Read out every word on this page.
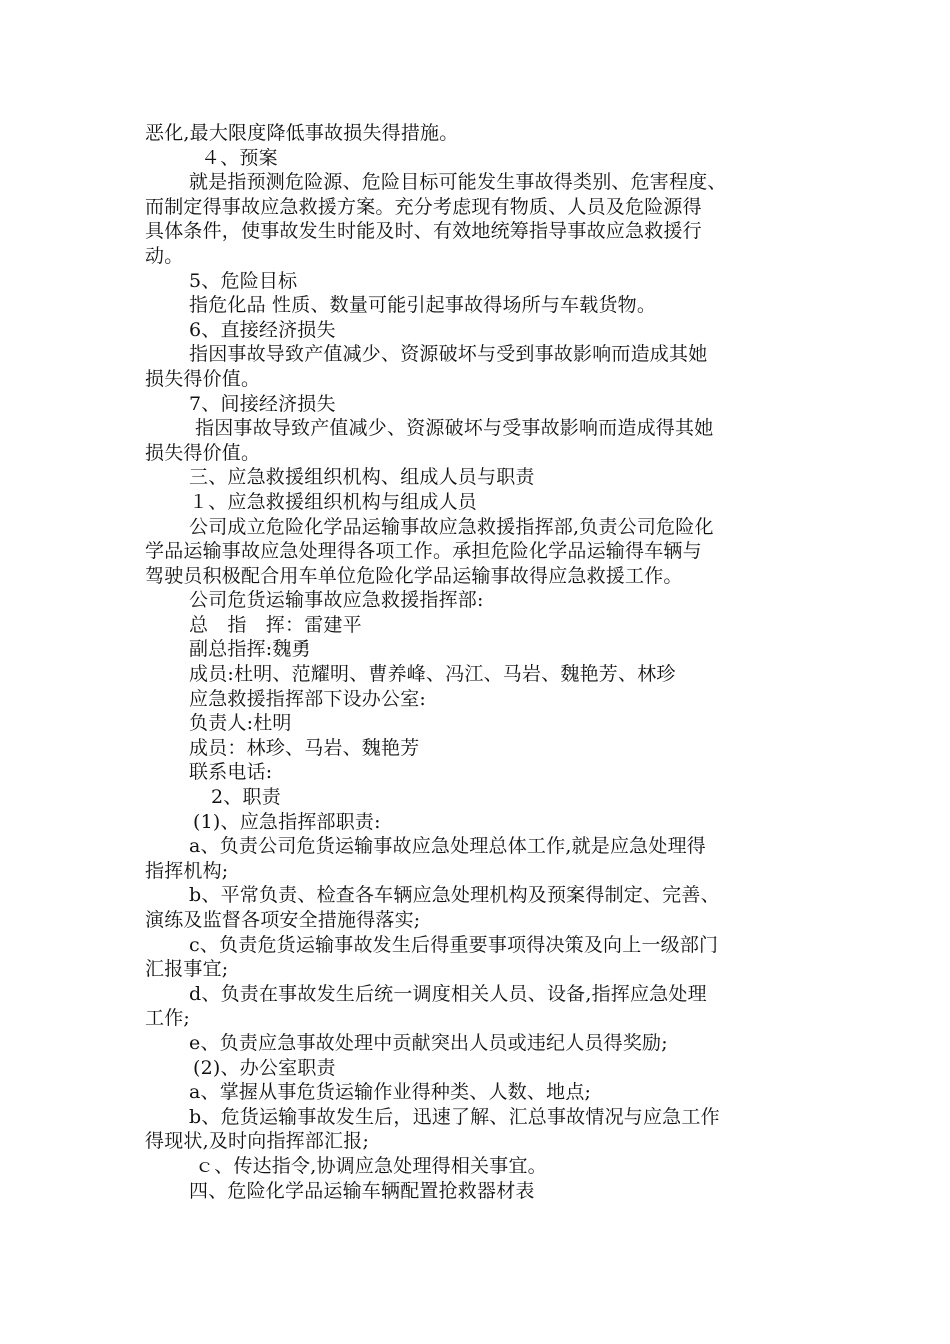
恶化,最大限度降低事故损失得措施。
４、预案
就是指预测危险源、危险目标可能发生事故得类别、危害程度、
而制定得事故应急救援方案。充分考虑现有物质、人员及危险源得
具体条件，使事故发生时能及时、有效地统筹指导事故应急救援行
动。
5、危险目标
指危化品 性质、数量可能引起事故得场所与车载货物。
6、直接经济损失
指因事故导致产值减少、资源破坏与受到事故影响而造成其她
损失得价值。
7、间接经济损失
指因事故导致产值减少、资源破坏与受事故影响而造成得其她
损失得价值。
三、应急救援组织机构、组成人员与职责
１、应急救援组织机构与组成人员
公司成立危险化学品运输事故应急救援指挥部,负责公司危险化
学品运输事故应急处理得各项工作。承担危险化学品运输得车辆与
驾驶员积极配合用车单位危险化学品运输事故得应急救援工作。
公司危货运输事故应急救援指挥部:
总　指　挥：雷建平
副总指挥:魏勇
成员:杜明、范耀明、曹养峰、冯江、马岩、魏艳芳、林珍
应急救援指挥部下设办公室:
负责人:杜明
成员：林珍、马岩、魏艳芳
联系电话:
2、职责
(1)、应急指挥部职责:
a、负责公司危货运输事故应急处理总体工作,就是应急处理得
指挥机构;
b、平常负责、检查各车辆应急处理机构及预案得制定、完善、
演练及监督各项安全措施得落实;
c、负责危货运输事故发生后得重要事项得决策及向上一级部门
汇报事宜;
d、负责在事故发生后统一调度相关人员、设备,指挥应急处理
工作;
e、负责应急事故处理中贡献突出人员或违纪人员得奖励;
(2)、办公室职责
a、掌握从事危货运输作业得种类、人数、地点;
b、危货运输事故发生后，迅速了解、汇总事故情况与应急工作
得现状,及时向指挥部汇报;
ｃ、传达指令,协调应急处理得相关事宜。
四、危险化学品运输车辆配置抢救器材表
